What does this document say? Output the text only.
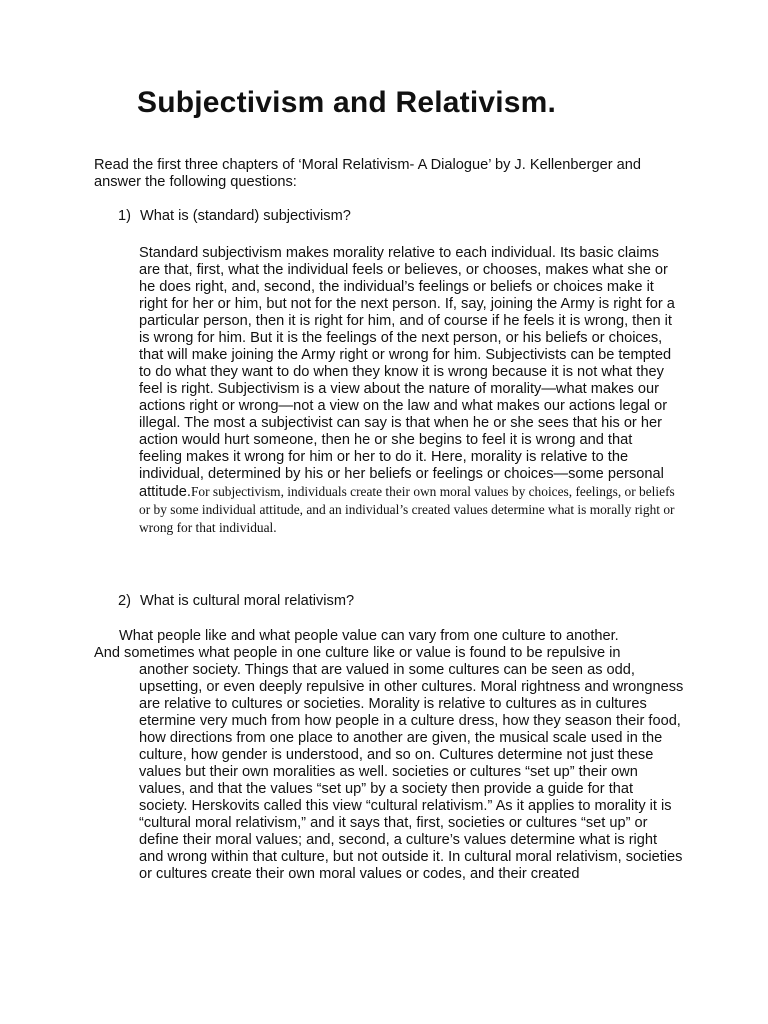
Subjectivism and Relativism.

Read the first three chapters of ‘Moral Relativism- A Dialogue’ by J. Kellenberger and answer the following questions:

1) What is (standard) subjectivism?

Standard subjectivism makes morality relative to each individual. Its basic claims are that, first, what the individual feels or believes, or chooses, makes what she or he does right, and, second, the individual’s feelings or beliefs or choices make it right for her or him, but not for the next person. If, say, joining the Army is right for a particular person, then it is right for him, and of course if he feels it is wrong, then it is wrong for him. But it is the feelings of the next person, or his beliefs or choices, that will make joining the Army right or wrong for him. Subjectivists can be tempted to do what they want to do when they know it is wrong because it is not what they feel is right. Subjectivism is a view about the nature of morality—what makes our actions right or wrong—not a view on the law and what makes our actions legal or illegal. The most a subjectivist can say is that when he or she sees that his or her action would hurt someone, then he or she begins to feel it is wrong and that feeling makes it wrong for him or her to do it. Here, morality is relative to the individual, determined by his or her beliefs or feelings or choices—some personal attitude.For subjectivism, individuals create their own moral values by choices, feelings, or beliefs or by some individual attitude, and an individual’s created values determine what is morally right or wrong for that individual.

2) What is cultural moral relativism?
What people like and what people value can vary from one culture to another.
And sometimes what people in one culture like or value is found to be repulsive in
another society. Things that are valued in some cultures can be seen as odd, upsetting, or even deeply repulsive in other cultures. Moral rightness and wrongness are relative to cultures or societies. Morality is relative to cultures as in cultures etermine very much from how people in a culture dress, how they season their food, how directions from one place to another are given, the musical scale used in the culture, how gender is understood, and so on. Cultures determine not just these values but their own moralities as well. societies or cultures “set up” their own values, and that the values “set up” by a society then provide a guide for that society. Herskovits called this view “cultural relativism.” As it applies to morality it is “cultural moral relativism,” and it says that, first, societies or cultures “set up” or define their moral values; and, second, a culture’s values determine what is right and wrong within that culture, but not outside it. In cultural moral relativism, societies or cultures create their own moral values or codes, and their created
